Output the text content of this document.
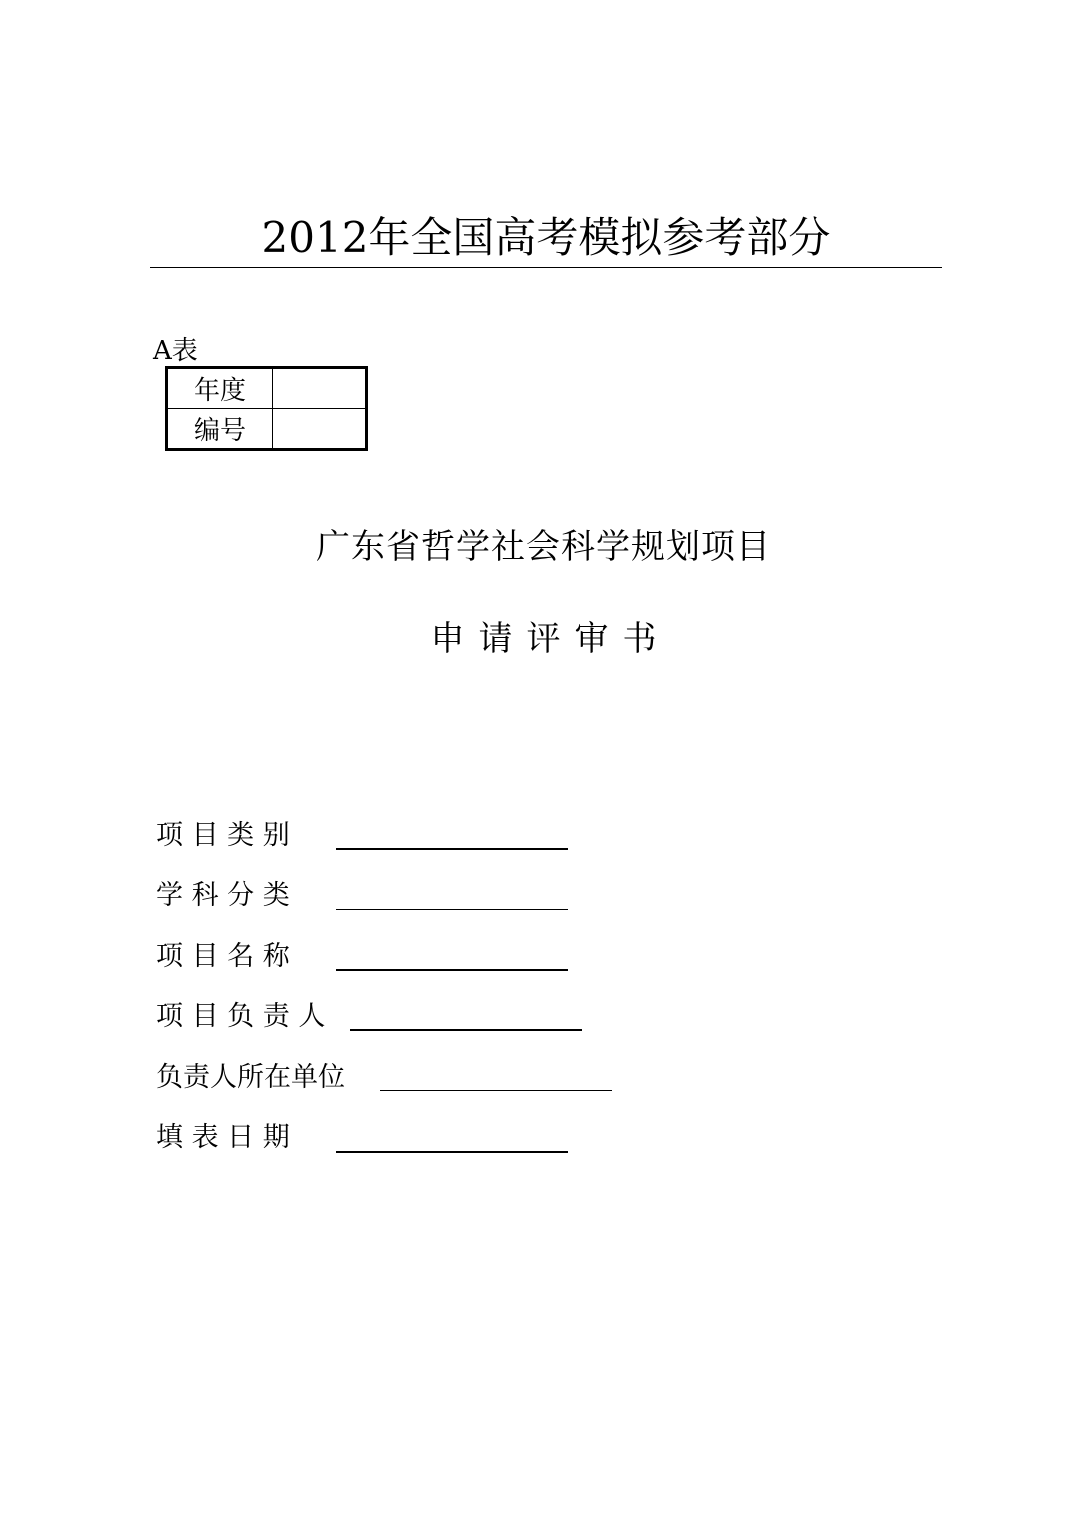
2012年全国高考模拟参考部分
A表
年度	
编号	
广东省哲学社会科学规划项目
申请评审书
项 目 类 别
学 科 分 类
项 目 名 称
项 目 负 责 人
负责人所在单位
填 表 日 期
